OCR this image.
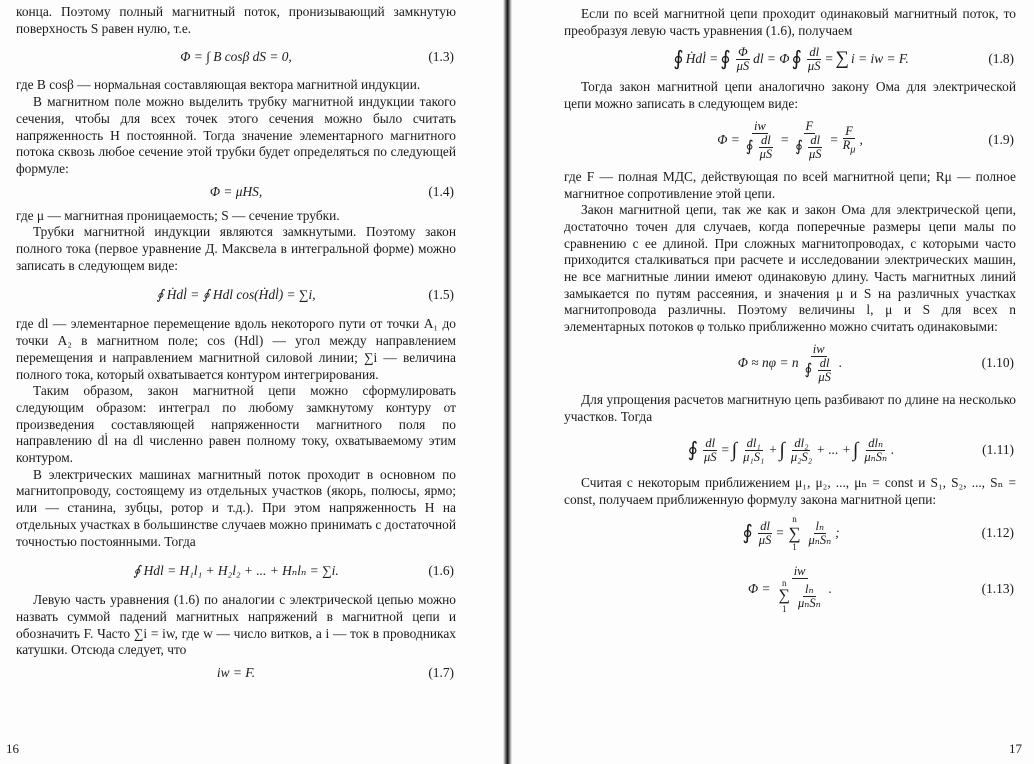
конца. Поэтому полный магнитный поток, пронизывающий замкнутую поверхность S равен нулю, т.е.

Φ = ∫ B cosβ dS = 0,	(1.3)

где B cosβ — нормальная составляющая вектора магнитной индукции.

В магнитном поле можно выделить трубку магнитной индукции такого сечения, чтобы для всех точек этого сечения можно было считать напряженность H постоянной. Тогда значение элементарного магнитного потока сквозь любое сечение этой трубки будет определяться по следующей формуле:

Φ = μHS,	(1.4)

где μ — магнитная проницаемость; S — сечение трубки.

Трубки магнитной индукции являются замкнутыми. Поэтому закон полного тока (первое уравнение Д. Максвела в интегральной форме) можно записать в следующем виде:

∮ Ḣdl̇ = ∮ Hdl cos(Ḣdl̇) = ∑i,	(1.5)

где dl — элементарное перемещение вдоль некоторого пути от точки A₁ до точки A₂ в магнитном поле; cos (Hdl) — угол между направлением перемещения и направлением магнитной силовой линии; ∑i — величина полного тока, который охватывается контуром интегрирования.

Таким образом, закон магнитной цепи можно сформулировать следующим образом: интеграл по любому замкнутому контуру от произведения составляющей напряженности магнитного поля по направлению dl̇ на dl численно равен полному току, охватываемому этим контуром.

В электрических машинах магнитный поток проходит в основном по магнитопроводу, состоящему из отдельных участков (якорь, полюсы, ярмо; или — станина, зубцы, ротор и т.д.). При этом напряженность H на отдельных участках в большинстве случаев можно принимать с достаточной точностью постоянными. Тогда

∮ Hdl = H₁l₁ + H₂l₂ + ... + Hₙlₙ = ∑i.	(1.6)

Левую часть уравнения (1.6) по аналогии с электрической цепью можно назвать суммой падений магнитных напряжений в магнитной цепи и обозначить F. Часто ∑i = iw, где w — число витков, а i — ток в проводниках катушки. Отсюда следует, что

iw = F.	(1.7)
16

Если по всей магнитной цепи проходит одинаковый магнитный поток, то преобразуя левую часть уравнения (1.6), получаем

∮ Ḣdl̇ = ∮ $\frac{\Phi}{\mu S}$ dl = Φ ∮ $\frac{dl}{\mu S}$ = ∑ i = iw = F.	(1.8)

Тогда закон магнитной цепи аналогично закону Ома для электрической цепи можно записать в следующем виде:

$\Phi = \frac{iw}{∮ \frac{dl}{\mu S}} = \frac{F}{∮ \frac{dl}{\mu S}} = \frac{F}{R_\mu}$ ,	(1.9)

где F — полная МДС, действующая по всей магнитной цепи; Rμ — полное магнитное сопротивление этой цепи.

Закон магнитной цепи, так же как и закон Ома для электрической цепи, достаточно точен для случаев, когда поперечные размеры цепи малы по сравнению с ее длиной. При сложных магнитопроводах, с которыми часто приходится сталкиваться при расчете и исследовании электрических машин, не все магнитные линии имеют одинаковую длину. Часть магнитных линий замыкается по путям рассеяния, и значения μ и S на различных участках магнитопровода различны. Поэтому величины l, μ и S для всех n элементарных потоков φ только приближенно можно считать одинаковыми:

Φ ≈ nφ = n $\frac{iw}{∮ \frac{dl}{\mu S}}$ .	(1.10)

Для упрощения расчетов магнитную цепь разбивают по длине на несколько участков. Тогда

∮ $\frac{dl}{\mu S}$ = ∫ $\frac{\text{dl₁}}{\text{μ₁S₁}}$ + ∫ $\frac{\text{dl₂}}{\text{μ₂S₂}}$ + ... + ∫ $\frac{\text{dlₙ}}{\text{μₙSₙ}}$ .	(1.11)

Считая с некоторым приближением μ₁, μ₂, ..., μₙ = const и S₁, S₂, ..., Sₙ = const, получаем приближенную формулу закона магнитной цепи:

∮ $\frac{dl}{\mu S}$ =
n
∑
$1 \frac{\text{lₙ}}{\text{μₙSₙ}}$ ;	(1.12)
Φ = iw
n
∑
$1 \frac{\text{lₙ}}{\text{μₙSₙ}}$ .	(1.13)
17
